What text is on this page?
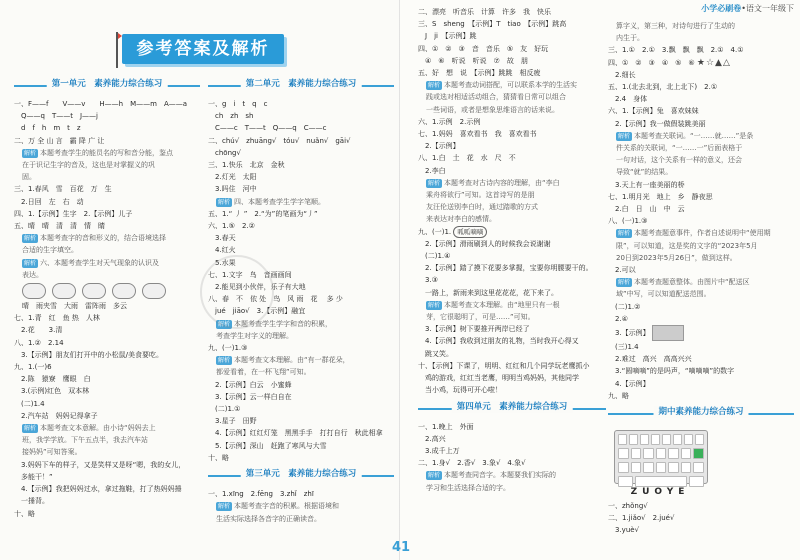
参考答案及解析
第一单元　素养能力综合练习
一、F——f　　V——v　　H——h　M——m　A——a
　Q——q　T——t　J——j
　d　f　h　m　t　z
二、万 全 山 言　霸 降 广 让
解析 本题考查学生的能员名的写和音分能，鉴点
在于识记生字的音及，这也是对掌握义的巩
固。
三、1.春风　雪　百花　万　生
　2.日回　左　右　动
四、1.【示例】生字　2.【示例】儿子
五、晴　晴　清　清　情　睛
解析 本题考查字的音和形义的，结合语境选择
合适的生字填空。
解析 六、本题考查学生对天气现象的认识及
表达。
晴　雨夹雪　大雨　雷阵雨　多云
七、1.青　红　鱼 热　人林
　2.花　　3.清　　　　
八、1.②　2.14
　3.【示例】朋友们打开中的小松鼠/美食要吃。
九、1.(一)6
　2.陈　猿寮　鹰眼　白
　3.(示例)红色　双本林
　(二)1.4
　2.汽车站　妈妈记得拿子
解析 本题考查文本意解。由小诗“妈妈去上
班，我学学放。下午五点半，我去汽车站
接妈妈”可知答案。
　3.妈妈下车的样子，又是笑样又是呀“嗯，我的女儿，
　多能干！”
　4.【示例】我把妈妈过水，拿过拖鞋，打了热妈妈捶
　一捶背。
十、略
第二单元　素养能力综合练习
一、g　i　t　q　c
　ch　zh　sh
　C——c　T——t　Q——q　C——c
二、chú√　zhuāng√　tóu√　nuǎn√　gāi√
　chōng√
三、1.快乐　北京　金秋
　2.灯光　太阳
　3.吗住　河中
解析 四、本题考查学生学字笔顺。
五、1.“ 丿 ”　2.“为”的笔画为“丿”
六、1.⑤　2.②
　3.春天
　4.红火
　5.水果
七、1.文字　鸟　音画画间
　2.能见到小伙伴，乐子有大地
八、春　不　依 处　鸟　风 雨　花 　多 少
　jué　jiāo√　3.【示例】融宜
解析 本题考查学生学字和音的积累，
考查学生对字义的理解。
九、(一)1.③
解析 本题考查文本理解。由“有一群花朵，
都爱看着，在一杯飞翔”可知。
　2.【示例】白云　小蜜蜂
　3.【示例】云一样白自在
　(二)1.①
　3.星子　田野
　4.【示例】红红灯笼　黑黑手手　打打自行　秋此相拿
　5.【示例】深山　赶跑了寒风与大雪
十、略
第三单元　素养能力综合练习
一、1.xīng　2.fēng　3.zhǐ　zhī
解析 本题考查字音的积累。根据语境和
生活实际选择各音字的正确读音。
小学必刷卷•语文一年级下
二、漂亮　听音乐　计算　许多　我　快乐
三、S　sheng　【示例】T　tiao　【示例】跳高
　J　ji　【示例】跳
四、①　②　③　音　音乐　⑤　友　好玩
　④　⑥　听说　听说　⑦　故　朋
五、好　想　说　【示例】跳跳　相反疲
解析 本题考查动词搭配，可以联系本学的生活实
践或选对相适活动组合，猜猜看日常可以组合
一些词语，或者是想象思维语言的话来说。
六、1.示例　2.示例
七、1.妈妈　喜欢看书　我　喜欢看书
　2.【示例】
八、1.白　土　花　水　尺　不
　2.李白
解析 本题考查对古诗内容的理解，由“李白
乘舟将欲行”可知。这首诗写的是朋
友汪伦送别李白时，通过踏歌的方式
来表达对李白的感情。
九、(一)1. 呱呱嘀嘀
　2.【示例】滑雨刷到人的时候我会说谢谢
　(二)1.④
　2.【示例】踏了摸下花要多掌握，宝要你明腰要干的。
　3.③
　一路上，新雨来到这里花花花，花下来了。
解析 本题考查文本理解。由“地里只有一根
芽，它很聪明了，可是……”可知。
　3.【示例】树下要推开两岸已经了
　4.【示例】我收到过朋友的礼物，当时我开心得又
　跳又笑。
十、【示例】下课了，明明、红红和几个同学玩老鹰抓小
　鸡的游戏，红红当老鹰，明明当鸡妈妈，其他同学
　当小鸡，玩得可开心啦！
第四单元　素养能力综合练习
一、1.晚上　外面
　2.高兴
　3.成千上万
二、1.身√　2.香√　3.象√　4.象√
解析 本题考查同音字。本题要我们实际的
学习和生活选择合适的字。
算字义，第三种，对诗句进行了生动的
内生于。
三、1.①　2.①　3.飘　飘　飘　2.①　4.①
四、①　②　③　④　⑤　⑥ ★☆▲△
　2.细长
五、1.(北去北到，北上北下)　2.①
　2.4　身体
六、1.【示例】兔　喜欢妹妹
　2.【示例】我一做假装跳美丽
解析 本题考查关联词。“一……就……”是条
件关系的关联词，“一……一”后面表格于
一句对话，这个关系有一样的意义，还会
导致“就”的结果。
　3.天上有一座美丽的桥
七、1.明月光　地上　乡　静夜思
　2.白　日　山　中　云
八、(一)1.③
解析 本题考查题意事件，作者自述说明中“使用期
限”，可以知道，这是奖的文字的“2023年5月
20日到2023年5月26日”，做到这样。
　2.可以
解析 本题考查题意整体。由图片中“配送区
域”中写，可以知道配送范围。
　(二)1.②
　2.④
　3.【示例】
　(三)1.4
　2.难过　高兴　高高兴兴
　3.“圆嘀嘀”的是吗声，“嘀嘀嘀”的数字
　4.【示例】
九、略
期中素养能力综合练习
ZUOYE
一、zhǒng√
二、1.jiǎo√　2.jué√
　3.yuè√
41
